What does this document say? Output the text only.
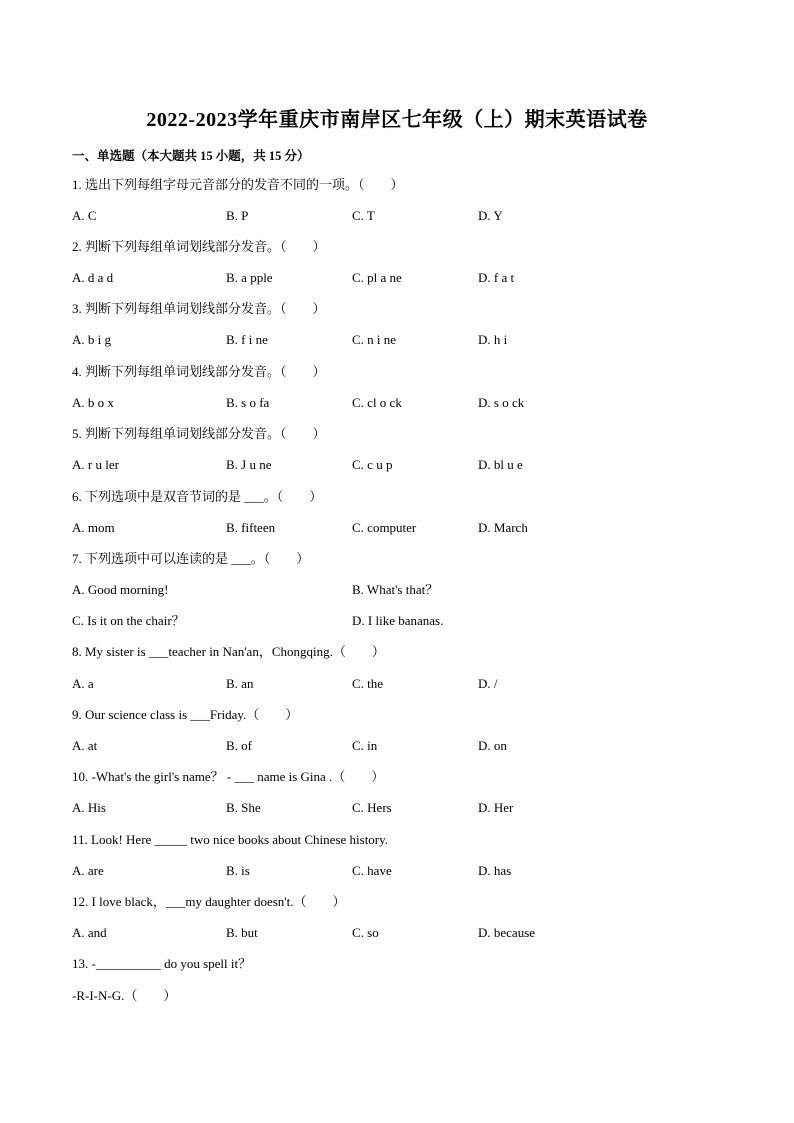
2022-2023学年重庆市南岸区七年级（上）期末英语试卷
一、单选题（本大题共 15 小题，共 15 分）
1. 选出下列每组字母元音部分的发音不同的一项。（　　）
A. C	B. P	C. T	D. Y
2. 判断下列每组单词划线部分发音。（　　）
A. d a d	B. a pple	C. pl a ne	D. f a t
3. 判断下列每组单词划线部分发音。（　　）
A. b i g	B. f i ne	C. n i ne	D. h i
4. 判断下列每组单词划线部分发音。（　　）
A. b o x	B. s o fa	C. cl o ck	D. s o ck
5. 判断下列每组单词划线部分发音。（　　）
A. r u ler	B. J u ne	C. c u p	D. bl u e
6. 下列选项中是双音节词的是 ___。（　　）
A. mom	B. fifteen	C. computer	D. March
7. 下列选项中可以连读的是 ___。（　　）
A. Good morning!	B. What's that？
C. Is it on the chair？	D. I like bananas.
8. My sister is ___teacher in Nan'an，Chongqing.（　　）
A. a	B. an	C. the	D. /
9. Our science class is ___Friday.（　　）
A. at	B. of	C. in	D. on
10. -What's the girl's name？ - ___ name is Gina .（　　）
A. His	B. She	C. Hers	D. Her
11. Look! Here _____ two nice books about Chinese history.
A. are	B. is	C. have	D. has
12. I love black，___my daughter doesn't.（　　）
A. and	B. but	C. so	D. because
13. -__________ do you spell it？
-R-I-N-G.（　　）
